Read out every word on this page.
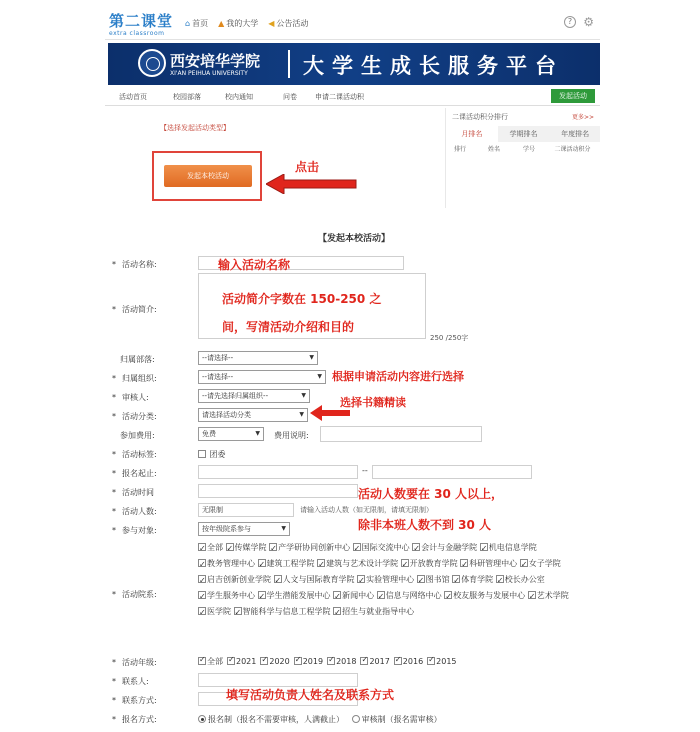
第二课堂
extra classroom
⌂ 首页 ▲ 我的大学 ◀ 公告活动	? ⚙
西安培华学院
XI'AN PEIHUA UNIVERSITY	大学生成长服务平台
活动首页	校园部落	校内通知	问卷	申请二课活动积	发起活动
【选择发起活动类型】
发起本校活动
点击
二课活动积分排行	更多>>
月排名	学期排名	年度排名
排行	姓名	学号	二课活动积分
【发起本校活动】
* 活动名称:	输入活动名称
* 活动简介:
活动简介字数在 150-250 之
间，写清活动介绍和目的
250 /250字
归属部落:	--请选择--	▼
* 归属组织:	--请选择--	▼ 根据申请活动内容进行选择
* 审核人:	--请先选择归属组织--	▼
* 活动分类:	请选择活动分类	▼
选择书籍精读
参加费用:	免费	▼ 费用说明:
* 活动标签:	团委
* 报名起止:	--
* 活动时间
* 活动人数:	无限制	请输入活动人数（如无限制，请填无限制）
活动人数要在 30 人以上，
除非本班人数不到 30 人
* 参与对象:	按年级院系参与	▼
* 活动院系:
✓全部 ✓ 传媒学院 ✓ 产学研协同创新中心 ✓ 国际交流中心 ✓ 会计与金融学院 ✓ 机电信息学院 ✓教务管理中心 ✓ 建筑工程学院 ✓ 建筑与艺术设计学院 ✓ 开放教育学院 ✓ 科研管理中心 ✓ 女子学院 ✓启吉创新创业学院 ✓ 人文与国际教育学院 ✓ 实验管理中心 ✓ 图书馆 ✓ 体育学院 ✓ 校长办公室 ✓学生服务中心 ✓ 学生潜能发展中心 ✓ 新闻中心 ✓ 信息与网络中心 ✓ 校友服务与发展中心 ✓ 艺术学院 ✓医学院 ✓ 智能科学与信息工程学院 ✓ 招生与就业指导中心
* 活动年级: ✓	全部 ✓ 2021 ✓ 2020 ✓ 2019 ✓ 2018 ✓ 2017 ✓ 2016 ✓ 2015
* 联系人:
* 联系方式:	填写活动负责人姓名及联系方式
* 报名方式:	报名制（报名不需要审核，人满截止） 审核制（报名需审核）
